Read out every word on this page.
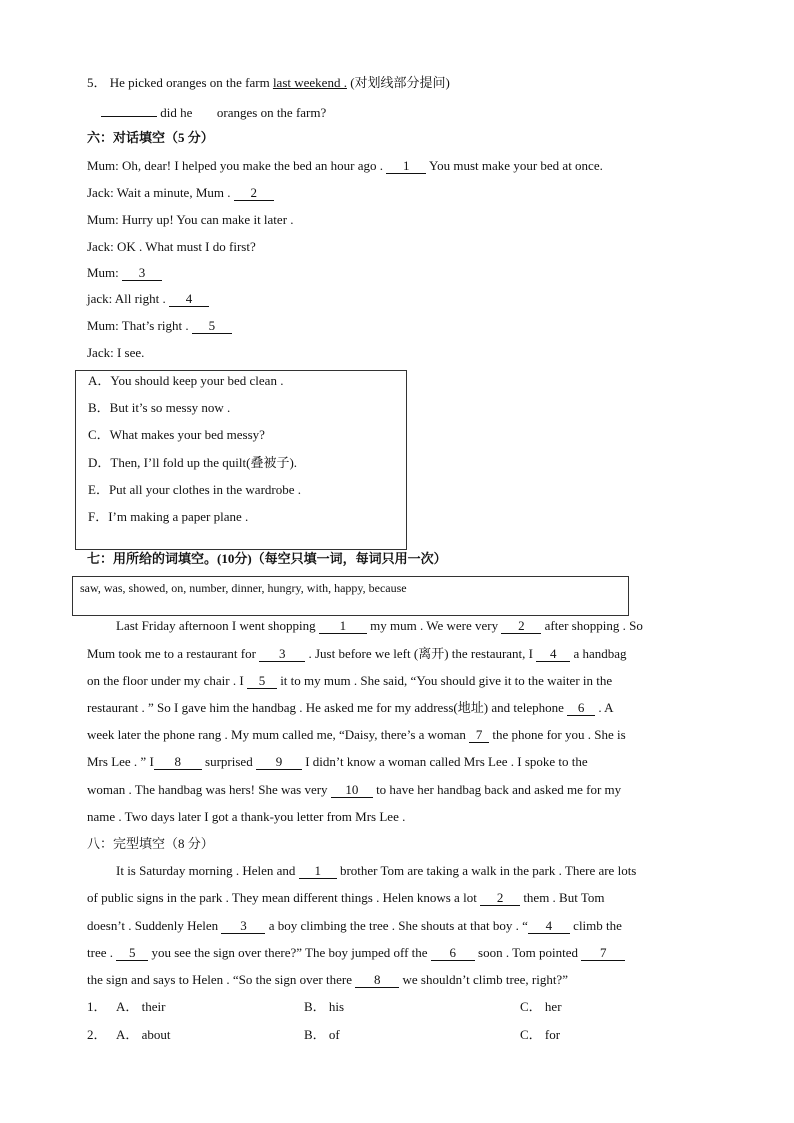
5． He picked oranges on the farm last weekend . (对划线部分提问)
did he oranges on the farm?
六：对话填空（5 分）
Mum: Oh, dear! I helped you make the bed an hour ago . 1 You must make your bed at once.
Jack: Wait a minute, Mum . 2
Mum: Hurry up! You can make it later .
Jack: OK . What must I do first?
Mum: 3
jack: All right . 4
Mum: That’s right . 5
Jack: I see.
A．You should keep your bed clean .
B．But it’s so messy now .
C．What makes your bed messy?
D．Then, I’ll fold up the quilt(叠被子).
E．Put all your clothes in the wardrobe .
F．I’m making a paper plane .
七：用所给的词填空。(10分)（每空只填一词，每词只用一次）
saw, was, showed, on, number, dinner, hungry, with, happy, because
Last Friday afternoon I went shopping 1 my mum . We were very 2 after shopping . So
Mum took me to a restaurant for 3 . Just before we left (离开) the restaurant, I 4 a handbag
on the floor under my chair . I 5 it to my mum . She said, “You should give it to the waiter in the
restaurant . ” So I gave him the handbag . He asked me for my address(地址) and telephone 6 . A
week later the phone rang . My mum called me, “Daisy, there’s a woman 7 the phone for you . She is
Mrs Lee . ” I 8 surprised 9 I didn’t know a woman called Mrs Lee . I spoke to the
woman . The handbag was hers! She was very 10 to have her handbag back and asked me for my
name . Two days later I got a thank-you letter from Mrs Lee .
八：完型填空（8 分）
It is Saturday morning . Helen and 1 brother Tom are taking a walk in the park . There are lots
of public signs in the park . They mean different things . Helen knows a lot 2 them . But Tom
doesn’t . Suddenly Helen 3 a boy climbing the tree . She shouts at that boy . “ 4 climb the
tree . 5 you see the sign over there?” The boy jumped off the 6 soon . Tom pointed 7
the sign and says to Helen . “So the sign over there 8 we shouldn’t climb tree, right?”
1． A． their	B． his	C． her
2． A． about	B． of	C． for
